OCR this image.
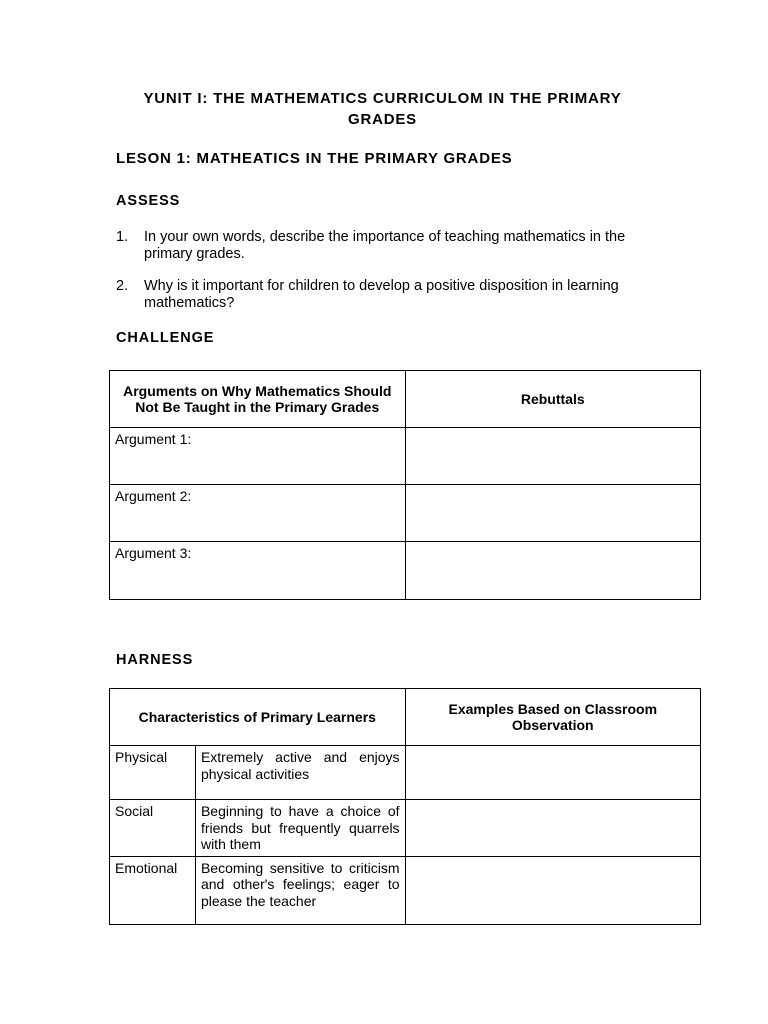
YUNIT I: THE MATHEMATICS CURRICULOM IN THE PRIMARY GRADES
LESON 1: MATHEATICS IN THE PRIMARY GRADES
ASSESS
1. In your own words, describe the importance of teaching mathematics in the primary grades.
2. Why is it important for children to develop a positive disposition in learning mathematics?
CHALLENGE
Arguments on Why Mathematics Should Not Be Taught in the Primary Grades	Rebuttals
Argument 1:	
Argument 2:	
Argument 3:	
HARNESS
Characteristics of Primary Learners		Examples Based on Classroom Observation
Physical	Extremely active and enjoys physical activities	
Social	Beginning to have a choice of friends but frequently quarrels with them	
Emotional	Becoming sensitive to criticism and other's feelings; eager to please the teacher	
